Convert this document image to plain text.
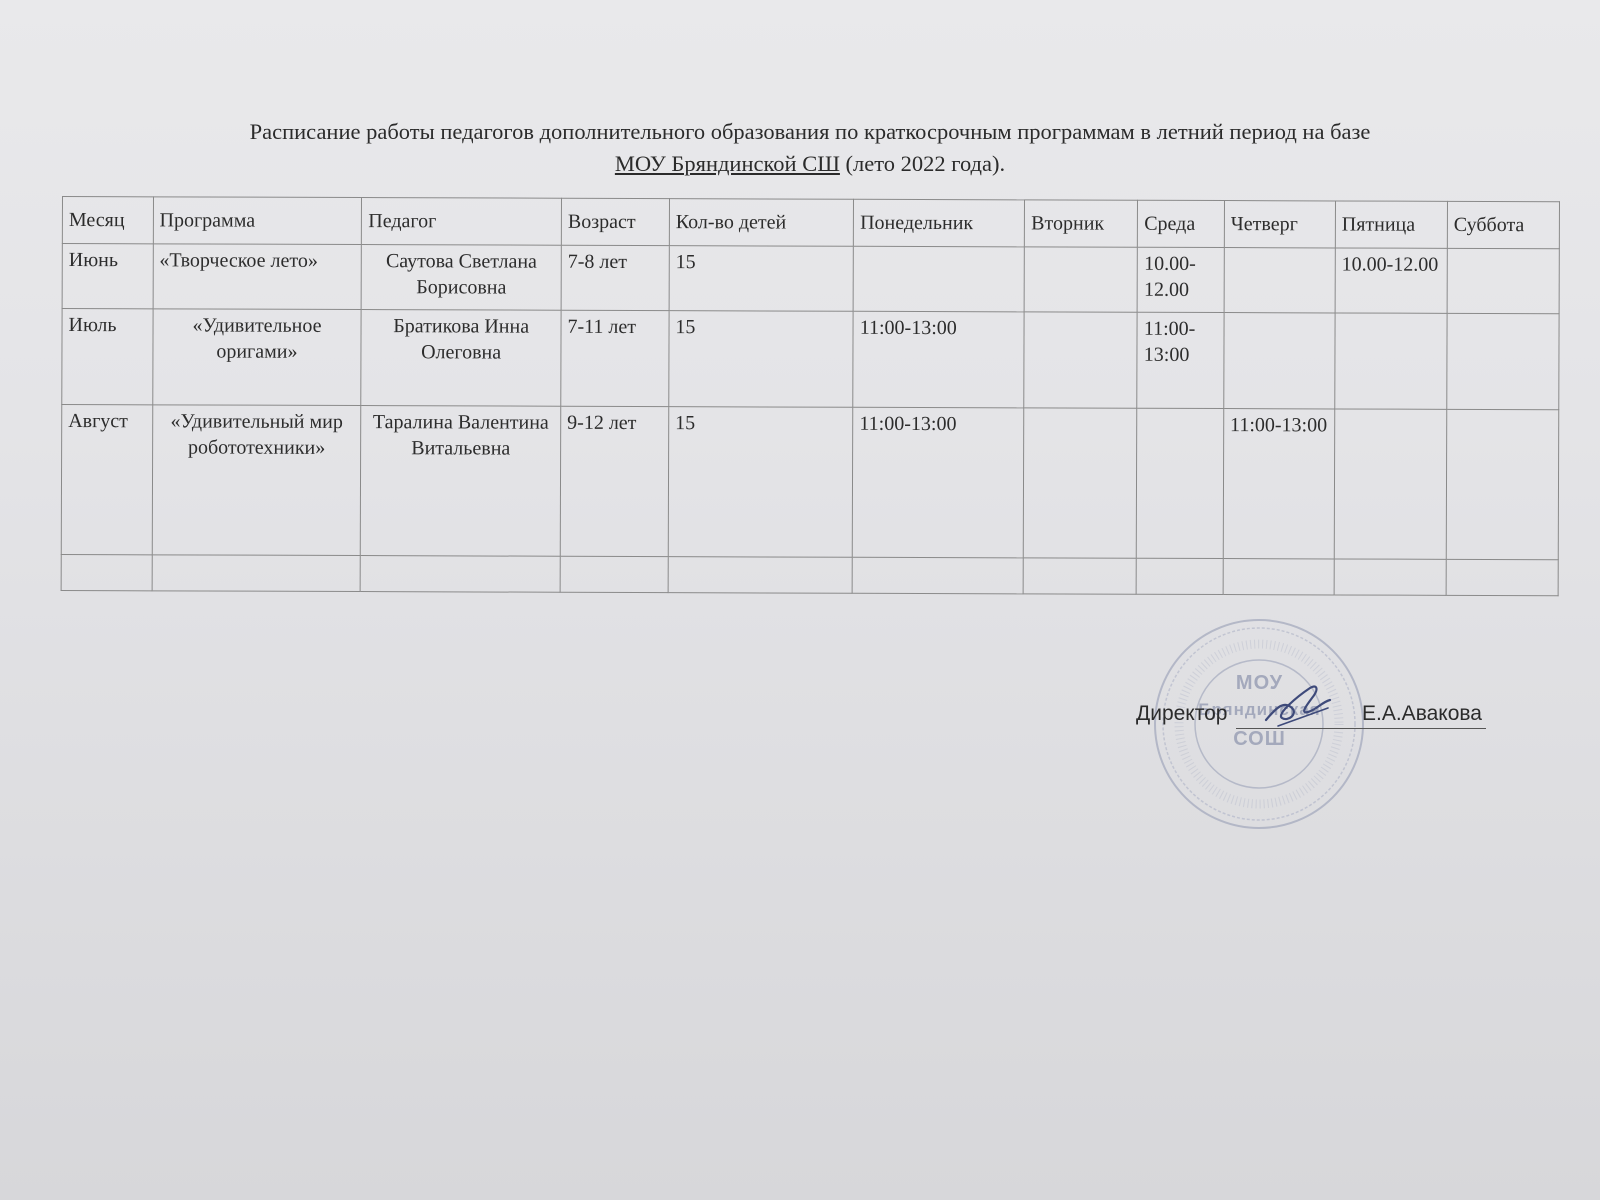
Расписание работы педагогов дополнительного образования по краткосрочным программам в летний период на базе
МОУ Бряндинской СШ (лето 2022 года).
Месяц	Программа	Педагог	Возраст	Кол-во детей	Понедельник	Вторник	Среда	Четверг	Пятница	Суббота
Июнь	«Творческое лето»	Саутова Светлана Борисовна	7-8 лет	15			10.00-12.00		10.00-12.00	
Июль	«Удивительное оригами»	Братикова Инна Олеговна	7-11 лет	15	11:00-13:00		11:00-13:00			
Август	«Удивительный мир робототехники»	Таралина Валентина Витальевна	9-12 лет	15	11:00-13:00			11:00-13:00		

МОУ
Бряндинская
СОШ
Директор	Е.А.Авакова
